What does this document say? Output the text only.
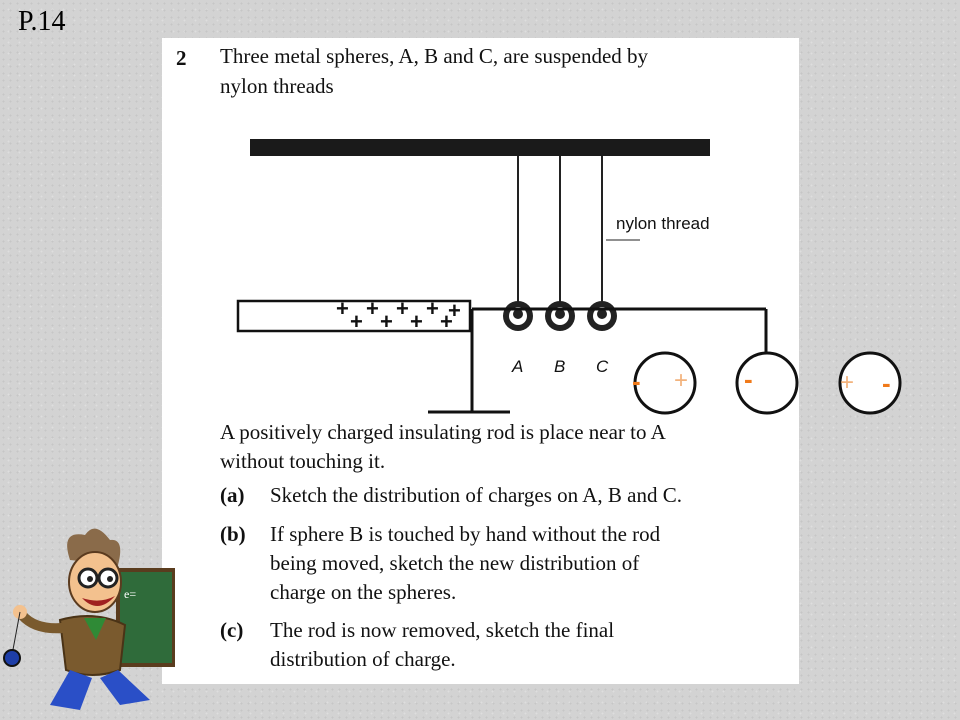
P.14
2 Three metal spheres, A, B and C, are suspended by
nylon threads
A positively charged insulating rod is place near to A
without touching it.
(a) Sketch the distribution of charges on A, B and C.
(b) If sphere B is touched by hand without the rod
being moved, sketch the new distribution of
charge on the spheres.
(c) The rod is now removed, sketch the final
distribution of charge.
nylon thread
+
+
+
+
+
+
+
+
+
A B C - + -	+ -
e=
